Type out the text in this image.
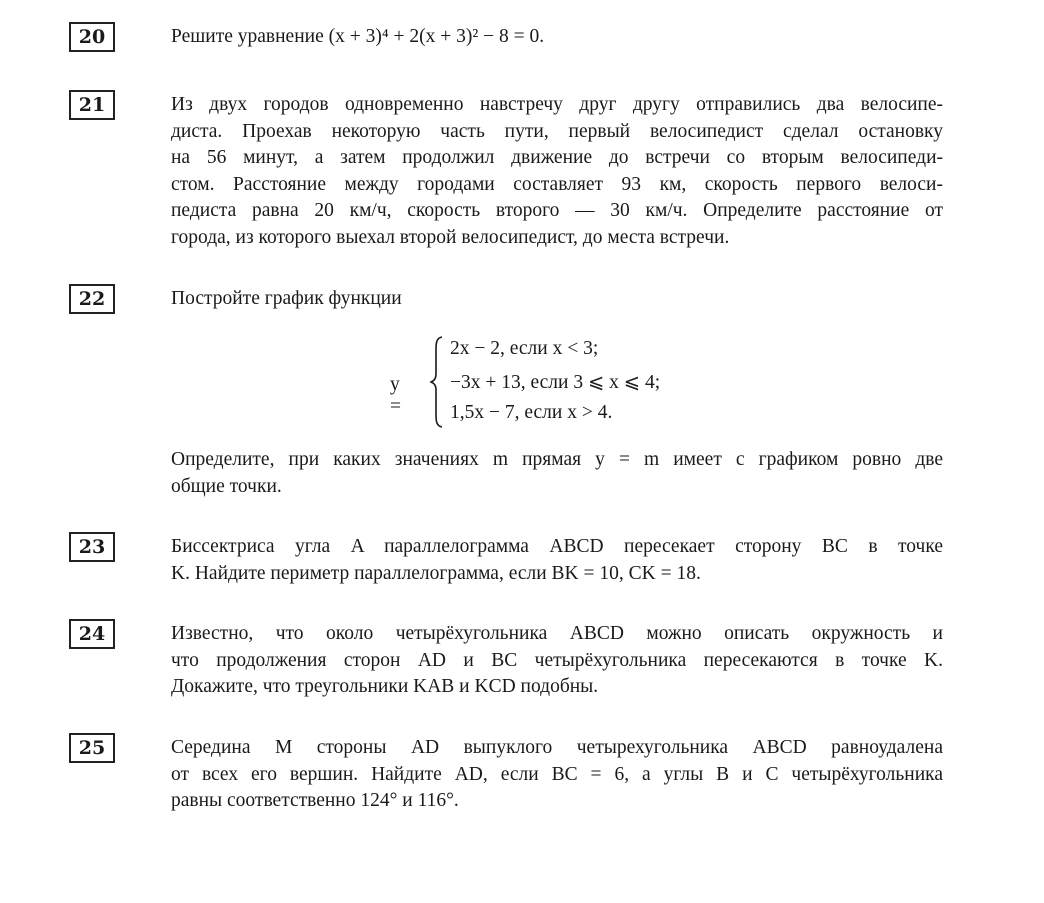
20	Решите уравнение (x + 3)⁴ + 2(x + 3)² − 8 = 0.
21	Из двух городов одновременно навстречу друг другу отправились два велосипе-
диста. Проехав некоторую часть пути, первый велосипедист сделал остановку
на 56 минут, а затем продолжил движение до встречи со вторым велосипеди-
стом. Расстояние между городами составляет 93 км, скорость первого велоси-
педиста равна 20 км/ч, скорость второго — 30 км/ч. Определите расстояние от
города, из которого выехал второй велосипедист, до места встречи.
22	Постройте график функции
y =
2x − 2, если x < 3;
−3x + 13, если 3 ⩽ x ⩽ 4;
1,5x − 7, если x > 4.
Определите, при каких значениях m прямая y = m имеет с графиком ровно две
общие точки.
23	Биссектриса угла A параллелограмма ABCD пересекает сторону BC в точке
K. Найдите периметр параллелограмма, если BK = 10, CK = 18.
24	Известно, что около четырёхугольника ABCD можно описать окружность и
что продолжения сторон AD и BC четырёхугольника пересекаются в точке K.
Докажите, что треугольники KAB и KCD подобны.
25	Середина M стороны AD выпуклого четырехугольника ABCD равноудалена
от всех его вершин. Найдите AD, если BC = 6, а углы B и C четырёхугольника
равны соответственно 124° и 116°.
